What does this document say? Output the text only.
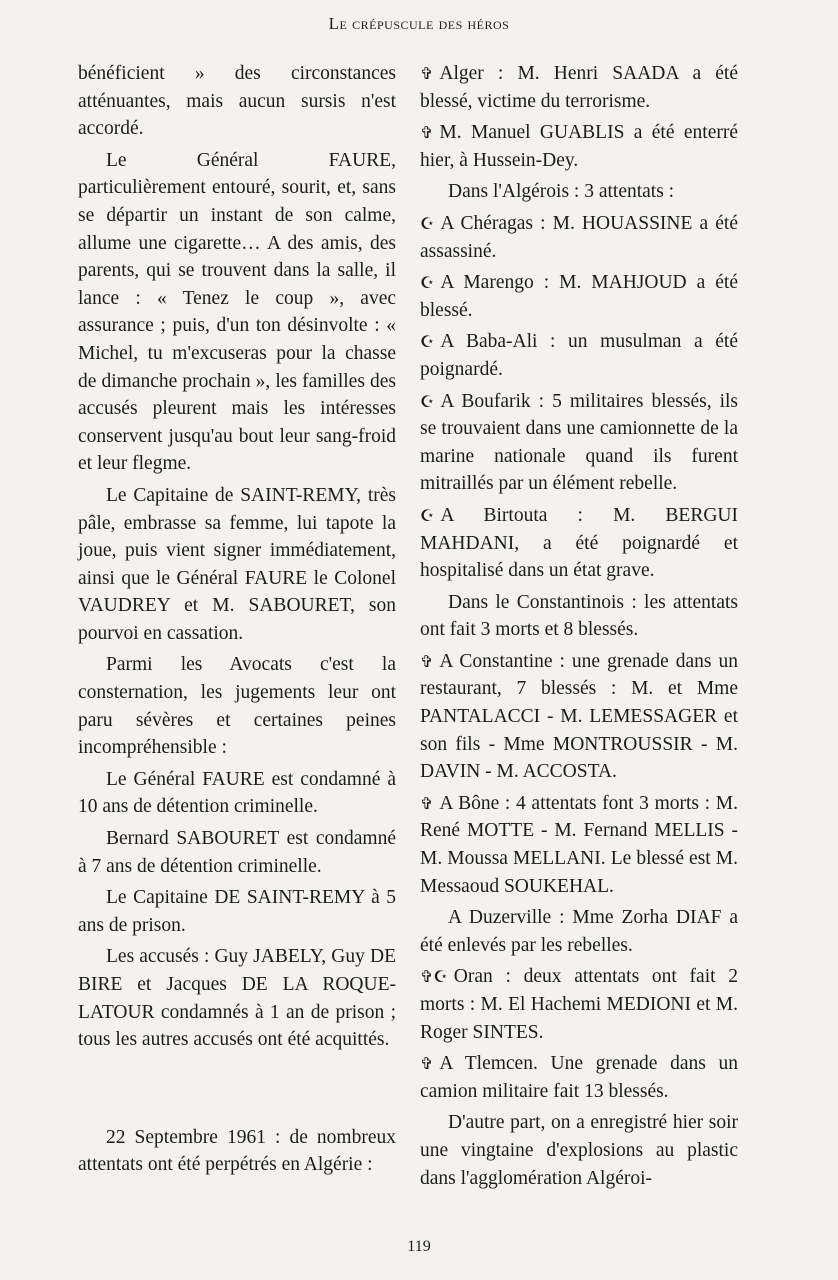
Le crépuscule des héros

bénéficient » des circonstances atténuantes, mais aucun sursis n'est accordé.

Le Général FAURE, particulièrement entouré, sourit, et, sans se départir un instant de son calme, allume une cigarette… A des amis, des parents, qui se trouvent dans la salle, il lance : « Tenez le coup », avec assurance ; puis, d'un ton désinvolte : « Michel, tu m'excuseras pour la chasse de dimanche prochain », les familles des accusés pleurent mais les intéresses conservent jusqu'au bout leur sang-froid et leur flegme.

Le Capitaine de SAINT-REMY, très pâle, embrasse sa femme, lui tapote la joue, puis vient signer immédiatement, ainsi que le Général FAURE le Colonel VAUDREY et M. SABOURET, son pourvoi en cassation.

Parmi les Avocats c'est la consternation, les jugements leur ont paru sévères et certaines peines incompréhensible :

Le Général FAURE est condamné à 10 ans de détention criminelle.

Bernard SABOURET est condamné à 7 ans de détention criminelle.

Le Capitaine DE SAINT-REMY à 5 ans de prison.

Les accusés : Guy JABELY, Guy DE BIRE et Jacques DE LA ROQUE-LATOUR condamnés à 1 an de prison ; tous les autres accusés ont été acquittés.

22 Septembre 1961 : de nombreux attentats ont été perpétrés en Algérie :

✞ Alger : M. Henri SAADA a été blessé, victime du terrorisme.

✞ M. Manuel GUABLIS a été enterré hier, à Hussein-Dey.

Dans l'Algérois : 3 attentats :

☪ A Chéragas : M. HOUASSINE a été assassiné.

☪ A Marengo : M. MAHJOUD a été blessé.

☪ A Baba-Ali : un musulman a été poignardé.

☪ A Boufarik : 5 militaires blessés, ils se trouvaient dans une camionnette de la marine nationale quand ils furent mitraillés par un élément rebelle.

☪ A Birtouta : M. BERGUI MAHDANI, a été poignardé et hospitalisé dans un état grave.

Dans le Constantinois : les attentats ont fait 3 morts et 8 blessés.

✞ A Constantine : une grenade dans un restaurant, 7 blessés : M. et Mme PANTALACCI - M. LEMESSAGER et son fils - Mme MONTROUSSIR - M. DAVIN - M. ACCOSTA.

✞ A Bône : 4 attentats font 3 morts : M. René MOTTE - M. Fernand MELLIS - M. Moussa MELLANI. Le blessé est M. Messaoud SOUKEHAL.

A Duzerville : Mme Zorha DIAF a été enlevés par les rebelles.

✞☪ Oran : deux attentats ont fait 2 morts : M. El Hachemi MEDIONI et M. Roger SINTES.

✞ A Tlemcen. Une grenade dans un camion militaire fait 13 blessés.

D'autre part, on a enregistré hier soir une vingtaine d'explosions au plastic dans l'agglomération Algéroi-

119
